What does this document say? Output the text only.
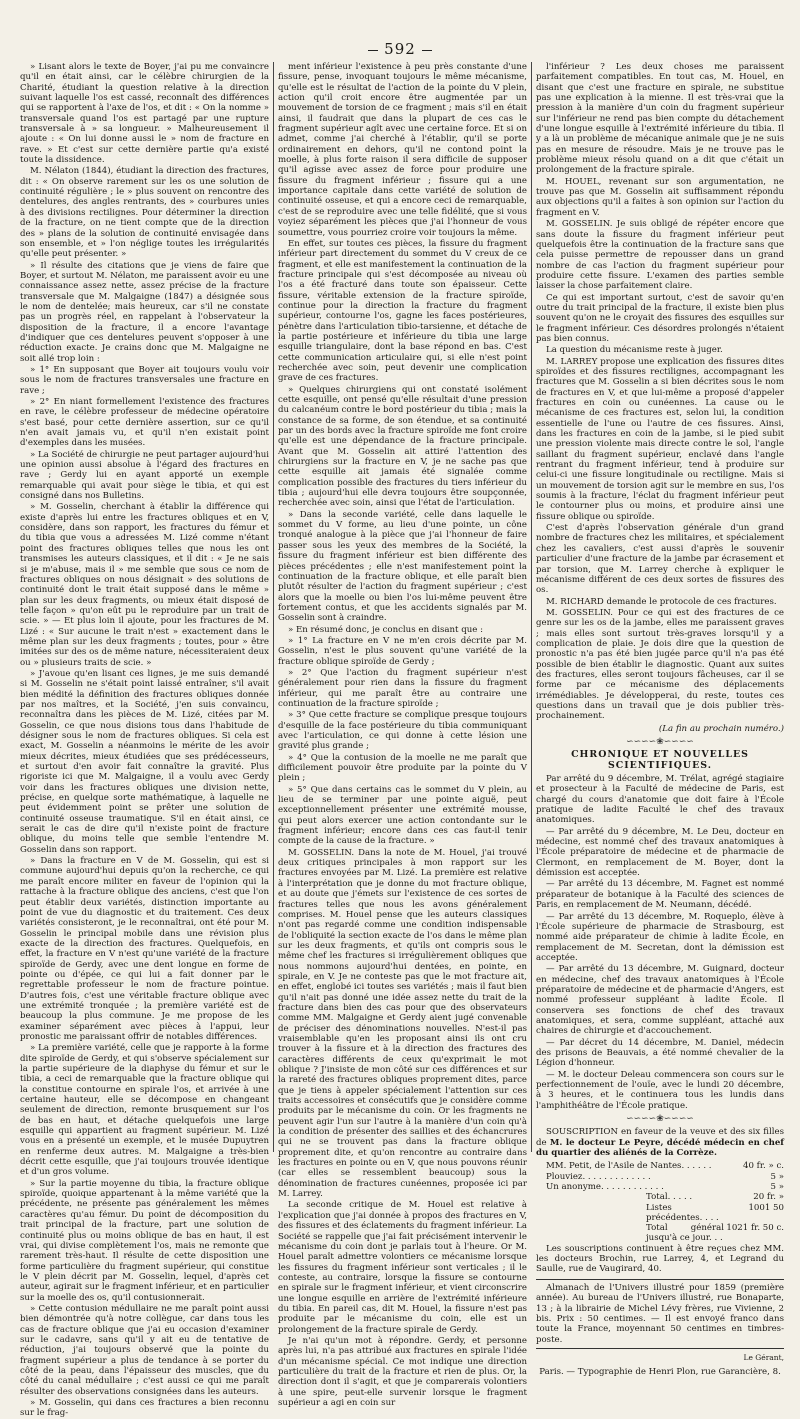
592

» Lisant alors le texte de Boyer, j'ai pu me convaincre qu'il en était ainsi, car le célèbre chirurgien de la Charité, étudiant la question relative à la direction suivant laquelle l'os est cassé, reconnaît des différences qui se rapportent à l'axe de l'os, et dit : « On la nomme » transversale quand l'os est partagé par une rupture transversale à » sa longueur. » Malheureusement il ajoute : « On lui donne aussi le » nom de fracture en rave. » Et c'est sur cette dernière partie qu'a existé toute la dissidence.

M. Nélaton (1844), étudiant la direction des fractures, dit : « On observe rarement sur les os une solution de continuité régulière ; le » plus souvent on rencontre des dentelures, des angles rentrants, des » courbures unies à des divisions rectilignes. Pour déterminer la direction de la fracture, on ne tient compte que de la direction des » plans de la solution de continuité envisagée dans son ensemble, et » l'on néglige toutes les irrégularités qu'elle peut présenter. »

» Il résulte des citations que je viens de faire que Boyer, et surtout M. Nélaton, me paraissent avoir eu une connaissance assez nette, assez précise de la fracture transversale que M. Malgaigne (1847) a désignée sous le nom de dentelée; mais heureux, car s'il ne constate pas un progrès réel, en rappelant à l'observateur la disposition de la fracture, il a encore l'avantage d'indiquer que ces dentelures peuvent s'opposer à une réduction exacte. Je crains donc que M. Malgaigne ne soit allé trop loin :

» 1° En supposant que Boyer ait toujours voulu voir sous le nom de fractures transversales une fracture en rave ;

» 2° En niant formellement l'existence des fractures en rave, le célèbre professeur de médecine opératoire s'est basé, pour cette dernière assertion, sur ce qu'il n'en avait jamais vu, et qu'il n'en existait point d'exemples dans les musées.

» La Société de chirurgie ne peut partager aujourd'hui une opinion aussi absolue à l'égard des fractures en rave ; Gerdy lui en ayant apporté un exemple remarquable qui avait pour siège le tibia, et qui est consigné dans nos Bulletins.

» M. Gosselin, cherchant à établir la différence qui existe d'après lui entre les fractures obliques et en V, considère, dans son rapport, les fractures du fémur et du tibia que vous a adressées M. Lizé comme n'étant point des fractures obliques telles que nous les ont transmises les auteurs classiques, et il dit : « Je ne sais si je m'abuse, mais il » me semble que sous ce nom de fractures obliques on nous désignait » des solutions de continuité dont le trait était supposé dans le même » plan sur les deux fragments, ou mieux était disposé de telle façon » qu'on eût pu le reproduire par un trait de scie. » — Et plus loin il ajoute, pour les fractures de M. Lizé : « Sur aucune le trait n'est » exactement dans le même plan sur les deux fragments ; toutes, pour » être imitées sur des os de même nature, nécessiteraient deux ou » plusieurs traits de scie. »

» J'avoue qu'en lisant ces lignes, je me suis demandé si M. Gosselin ne s'était point laissé entraîner, s'il avait bien médité la définition des fractures obliques donnée par nos maîtres, et la Société, j'en suis convaincu, reconnaîtra dans les pièces de M. Lizé, citées par M. Gosselin, ce que nous disions tous dans l'habitude de désigner sous le nom de fractures obliques. Si cela est exact, M. Gosselin a néanmoins le mérite de les avoir mieux décrites, mieux étudiées que ses prédécesseurs, et surtout d'en avoir fait connaître la gravité. Plus rigoriste ici que M. Malgaigne, il a voulu avec Gerdy voir dans les fractures obliques une division nette, précise, en quelque sorte mathématique, à laquelle ne peut évidemment point se prêter une solution de continuité osseuse traumatique. S'il en était ainsi, ce serait le cas de dire qu'il n'existe point de fracture oblique, du moins telle que semble l'entendre M. Gosselin dans son rapport.

» Dans la fracture en V de M. Gosselin, qui est si commune aujourd'hui depuis qu'on la recherche, ce qui me paraît encore militer en faveur de l'opinion qui la rattache à la fracture oblique des anciens, c'est que l'on peut établir deux variétés, distinction importante au point de vue du diagnostic et du traitement. Ces deux variétés consisteront, je le reconnaîtrai, ont été pour M. Gosselin le principal mobile dans une révision plus exacte de la direction des fractures. Quelquefois, en effet, la fracture en V n'est qu'une variété de la fracture spiroïde de Gerdy, avec une dent longue en forme de pointe ou d'épée, ce qui lui a fait donner par le regrettable professeur le nom de fracture pointue. D'autres fois, c'est une véritable fracture oblique avec une extrémité tronquée ; la première variété est de beaucoup la plus commune. Je me propose de les examiner séparément avec pièces à l'appui, leur pronostic me paraissant offrir de notables différences.

» La première variété, celle que je rapporte à la forme dite spiroïde de Gerdy, et qui s'observe spécialement sur la partie supérieure de la diaphyse du fémur et sur le tibia, a ceci de remarquable que la fracture oblique qui la constitue contourne en spirale l'os, et arrivée à une certaine hauteur, elle se décompose en changeant seulement de direction, remonte brusquement sur l'os de bas en haut, et détache quelquefois une large esquille qui appartient au fragment supérieur. M. Lizé vous en a présenté un exemple, et le musée Dupuytren en renferme deux autres. M. Malgaigne a très-bien décrit cette esquille, que j'ai toujours trouvée identique et d'un gros volume.

» Sur la partie moyenne du tibia, la fracture oblique spiroïde, quoique appartenant à la même variété que la précédente, ne présente pas généralement les mêmes caractères qu'au fémur. Du point de décomposition du trait principal de la fracture, part une solution de continuité plus ou moins oblique de bas en haut, il est vrai, qui divise complètement l'os, mais ne remonte que rarement très-haut. Il résulte de cette disposition une forme particulière du fragment supérieur, qui constitue le V plein décrit par M. Gosselin, lequel, d'après cet auteur, agirait sur le fragment inférieur, et en particulier sur la moelle des os, qu'il contusionnerait.

» Cette contusion médullaire ne me paraît point aussi bien démontrée qu'à notre collègue, car dans tous les cas de fracture oblique que j'ai eu occasion d'examiner sur le cadavre, sans qu'il y ait eu de tentative de réduction, j'ai toujours observé que la pointe du fragment supérieur a plus de tendance à se porter du côté de la peau, dans l'épaisseur des muscles, que du côté du canal médullaire ; c'est aussi ce qui me paraît résulter des observations consignées dans les auteurs.

» M. Gosselin, qui dans ces fractures a bien reconnu sur le frag-

ment inférieur l'existence à peu près constante d'une fissure, pense, invoquant toujours le même mécanisme, qu'elle est le résultat de l'action de la pointe du V plein, action qu'il croit encore être augmentée par un mouvement de torsion de ce fragment ; mais s'il en était ainsi, il faudrait que dans la plupart de ces cas le fragment supérieur agît avec une certaine force. Et si on admet, comme j'ai cherché à l'établir, qu'il se porte ordinairement en dehors, qu'il ne contond point la moelle, à plus forte raison il sera difficile de supposer qu'il agisse avec assez de force pour produire une fissure du fragment inférieur ; fissure qui a une importance capitale dans cette variété de solution de continuité osseuse, et qui a encore ceci de remarquable, c'est de se reproduire avec une telle fidélité, que si vous voyiez séparément les pièces que j'ai l'honneur de vous soumettre, vous pourriez croire voir toujours la même.

En effet, sur toutes ces pièces, la fissure du fragment inférieur part directement du sommet du V creux de ce fragment, et elle est manifestement la continuation de la fracture principale qui s'est décomposée au niveau où l'os a été fracturé dans toute son épaisseur. Cette fissure, véritable extension de la fracture spiroïde, continue pour la direction la fracture du fragment supérieur, contourne l'os, gagne les faces postérieures, pénètre dans l'articulation tibio-tarsienne, et détache de la partie postérieure et inférieure du tibia une large esquille triangulaire, dont la base répond en bas. C'est cette communication articulaire qui, si elle n'est point recherchée avec soin, peut devenir une complication grave de ces fractures.

» Quelques chirurgiens qui ont constaté isolément cette esquille, ont pensé qu'elle résultait d'une pression du calcanéum contre le bord postérieur du tibia ; mais la constance de sa forme, de son étendue, et sa continuité par un des bords avec la fracture spiroïde me font croire qu'elle est une dépendance de la fracture principale. Avant que M. Gosselin ait attiré l'attention des chirurgiens sur la fracture en V, je ne sache pas que cette esquille ait jamais été signalée comme complication possible des fractures du tiers inférieur du tibia ; aujourd'hui elle devra toujours être soupçonnée, recherchée avec soin, ainsi que l'état de l'articulation.

» Dans la seconde variété, celle dans laquelle le sommet du V forme, au lieu d'une pointe, un cône tronqué analogue à la pièce que j'ai l'honneur de faire passer sous les yeux des membres de la Société, la fissure du fragment inférieur est bien différente des pièces précédentes ; elle n'est manifestement point la continuation de la fracture oblique, et elle paraît bien plutôt résulter de l'action du fragment supérieur ; c'est alors que la moelle ou bien l'os lui-même peuvent être fortement contus, et que les accidents signalés par M. Gosselin sont à craindre.

» En résumé donc, je conclus en disant que :

» 1° La fracture en V ne m'en crois décrite par M. Gosselin, n'est le plus souvent qu'une variété de la fracture oblique spiroïde de Gerdy ;

» 2° Que l'action du fragment supérieur n'est généralement pour rien dans la fissure du fragment inférieur, qui me paraît être au contraire une continuation de la fracture spiroïde ;

» 3° Que cette fracture se complique presque toujours d'esquille de la face postérieure du tibia communiquant avec l'articulation, ce qui donne à cette lésion une gravité plus grande ;

» 4° Que la contusion de la moelle ne me paraît que difficilement pouvoir être produite par la pointe du V plein ;

» 5° Que dans certains cas le sommet du V plein, au lieu de se terminer par une pointe aiguë, peut exceptionnellement présenter une extrémité mousse, qui peut alors exercer une action contondante sur le fragment inférieur; encore dans ces cas faut-il tenir compte de la cause de la fracture. »

M. GOSSELIN. Dans la note de M. Houel, j'ai trouvé deux critiques principales à mon rapport sur les fractures envoyées par M. Lizé. La première est relative à l'interprétation que je donne du mot fracture oblique, et au doute que j'émets sur l'existence de ces sortes de fractures telles que nous les avons généralement comprises. M. Houel pense que les auteurs classiques n'ont pas regardé comme une condition indispensable de l'obliquité la section exacte de l'os dans le même plan sur les deux fragments, et qu'ils ont compris sous le même chef les fractures si irrégulièrement obliques que nous nommons aujourd'hui dentées, en pointe, en spirale, en V. Je ne conteste pas que le mot fracture ait, en effet, englobé ici toutes ses variétés ; mais il faut bien qu'il n'ait pas donné une idée assez nette du trait de la fracture dans bien des cas pour que des observateurs comme MM. Malgaigne et Gerdy aient jugé convenable de préciser des dénominations nouvelles. N'est-il pas vraisemblable qu'en les proposant ainsi ils ont cru trouver à la fissure et à la direction des fractures des caractères différents de ceux qu'exprimait le mot oblique ? J'insiste de mon côté sur ces différences et sur la rareté des fractures obliques proprement dites, parce que je tiens à appeler spécialement l'attention sur ces traits accessoires et consécutifs que je considère comme produits par le mécanisme du coin. Or les fragments ne peuvent agir l'un sur l'autre à la manière d'un coin qu'à la condition de présenter des saillies et des échancrures qui ne se trouvent pas dans la fracture oblique proprement dite, et qu'on rencontre au contraire dans les fractures en pointe ou en V, que nous pouvons réunir (car elles se ressemblent beaucoup) sous la dénomination de fractures cunéennes, proposée ici par M. Larrey.

La seconde critique de M. Houel est relative à l'explication que j'ai donnée à propos des fractures en V, des fissures et des éclatements du fragment inférieur. La Société se rappelle que j'ai fait précisément intervenir le mécanisme du coin dont je parlais tout à l'heure. Or M. Houel paraît admettre volontiers ce mécanisme lorsque les fissures du fragment inférieur sont verticales ; il le conteste, au contraire, lorsque la fissure se contourne en spirale sur le fragment inférieur, et vient circonscrire une longue esquille en arrière de l'extrémité inférieure du tibia. En pareil cas, dit M. Houel, la fissure n'est pas produite par le mécanisme du coin, elle est un prolongement de la fracture spirale de Gerdy.

Je n'ai qu'un mot à répondre. Gerdy, et personne après lui, n'a pas attribué aux fractures en spirale l'idée d'un mécanisme spécial. Ce mot indique une direction particulière du trait de la fracture et rien de plus. Or, la direction dont il s'agit, et que je comparerais volontiers à une spire, peut-elle survenir lorsque le fragment supérieur a agi en coin sur

l'inférieur ? Les deux choses me paraissent parfaitement compatibles. En tout cas, M. Houel, en disant que c'est une fracture en spirale, ne substitue pas une explication à la mienne. Il est très-vrai que la pression à la manière d'un coin du fragment supérieur sur l'inférieur ne rend pas bien compte du détachement d'une longue esquille à l'extrémité inférieure du tibia. Il y a là un problème de mécanique animale que je ne suis pas en mesure de résoudre. Mais je ne trouve pas le problème mieux résolu quand on a dit que c'était un prolongement de la fracture spirale.

M. HOUEL, revenant sur son argumentation, ne trouve pas que M. Gosselin ait suffisamment répondu aux objections qu'il a faites à son opinion sur l'action du fragment en V.

M. GOSSELIN. Je suis obligé de répéter encore que sans doute la fissure du fragment inférieur peut quelquefois être la continuation de la fracture sans que cela puisse permettre de repousser dans un grand nombre de cas l'action du fragment supérieur pour produire cette fissure. L'examen des parties semble laisser la chose parfaitement claire.

Ce qui est important surtout, c'est de savoir qu'en outre du trait principal de la fracture, il existe bien plus souvent qu'on ne le croyait des fissures des esquilles sur le fragment inférieur. Ces désordres prolongés n'étaient pas bien connus.

La question du mécanisme reste à juger.

M. LARREY propose une explication des fissures dites spiroïdes et des fissures rectilignes, accompagnant les fractures que M. Gosselin a si bien décrites sous le nom de fractures en V, et que lui-même a proposé d'appeler fractures en coin ou cunéennes. La cause ou le mécanisme de ces fractures est, selon lui, la condition essentielle de l'une ou l'autre de ces fissures. Ainsi, dans les fractures en coin de la jambe, si le pied subit une pression violente mais directe contre le sol, l'angle saillant du fragment supérieur, enclavé dans l'angle rentrant du fragment inférieur, tend à produire sur celui-ci une fissure longitudinale ou rectiligne. Mais si un mouvement de torsion agit sur le membre en sus, l'os soumis à la fracture, l'éclat du fragment inférieur peut le contourner plus ou moins, et produire ainsi une fissure oblique ou spiroïde.

C'est d'après l'observation générale d'un grand nombre de fractures chez les militaires, et spécialement chez les cavaliers, c'est aussi d'après le souvenir particulier d'une fracture de la jambe par écrasement et par torsion, que M. Larrey cherche à expliquer le mécanisme différent de ces deux sortes de fissures des os.

M. RICHARD demande le protocole de ces fractures.

M. GOSSELIN. Pour ce qui est des fractures de ce genre sur les os de la jambe, elles me paraissent graves ; mais elles sont surtout très-graves lorsqu'il y a complication de plaie. Je dois dire que la question de pronostic n'a pas été bien jugée parce qu'il n'a pas été possible de bien établir le diagnostic. Quant aux suites des fractures, elles seront toujours fâcheuses, car il se forme par ce mécanisme des déplacements irrémédiables. Je développerai, du reste, toutes ces questions dans un travail que je dois publier très-prochainement.

(La fin au prochain numéro.)
∽∽∽∽❀∽∽∽∽
CHRONIQUE ET NOUVELLES SCIENTIFIQUES.

Par arrêté du 9 décembre, M. Trélat, agrégé stagiaire et prosecteur à la Faculté de médecine de Paris, est chargé du cours d'anatomie que doit faire à l'École pratique de ladite Faculté le chef des travaux anatomiques.

— Par arrêté du 9 décembre, M. Le Deu, docteur en médecine, est nommé chef des travaux anatomiques à l'École préparatoire de médecine et de pharmacie de Clermont, en remplacement de M. Boyer, dont la démission est acceptée.

— Par arrêté du 13 décembre, M. Fagnet est nommé préparateur de botanique à la Faculté des sciences de Paris, en remplacement de M. Neumann, décédé.

— Par arrêté du 13 décembre, M. Roqueplo, élève à l'École supérieure de pharmacie de Strasbourg, est nommé aide préparateur de chimie à ladite École, en remplacement de M. Secretan, dont la démission est acceptée.

— Par arrêté du 13 décembre, M. Guignard, docteur en médecine, chef des travaux anatomiques à l'École préparatoire de médecine et de pharmacie d'Angers, est nommé professeur suppléant à ladite École. Il conservera ses fonctions de chef des travaux anatomiques, et sera, comme suppléant, attaché aux chaires de chirurgie et d'accouchement.

— Par décret du 14 décembre, M. Daniel, médecin des prisons de Beauvais, a été nommé chevalier de la Légion d'honneur.

— M. le docteur Deleau commencera son cours sur le perfectionnement de l'ouïe, avec le lundi 20 décembre, à 3 heures, et le continuera tous les lundis dans l'amphithéâtre de l'École pratique.

∽∽∽∽❀∽∽∽∽
SOUSCRIPTION en faveur de la veuve et des six filles de M. le docteur Le Peyre, décédé médecin en chef du quartier des aliénés de la Corrèze.
MM. Petit, de l'Asile de Nantes. . . . . .	40 fr. » c.
Plouviez. . . . . . . . . . . . .	5 »
Un anonyme. . . . . . . . . . . .	5 »
Total. . . . .	20 fr. »
Listes précédentes. . . .	1001 50
Total général jusqu'à ce jour. . .	1021 fr. 50 c.

Les souscriptions continuent à être reçues chez MM. les docteurs Brochin, rue Larrey, 4, et Legrand du Saulle, rue de Vaugirard, 40.

Almanach de l'Univers illustré pour 1859 (première année). Au bureau de l'Univers illustré, rue Bonaparte, 13 ; à la librairie de Michel Lévy frères, rue Vivienne, 2 bis. Prix : 50 centimes. — Il est envoyé franco dans toute la France, moyennant 50 centimes en timbres-poste.

Le Gérant,
Paris. — Typographie de Henri Plon, rue Garancière, 8.
